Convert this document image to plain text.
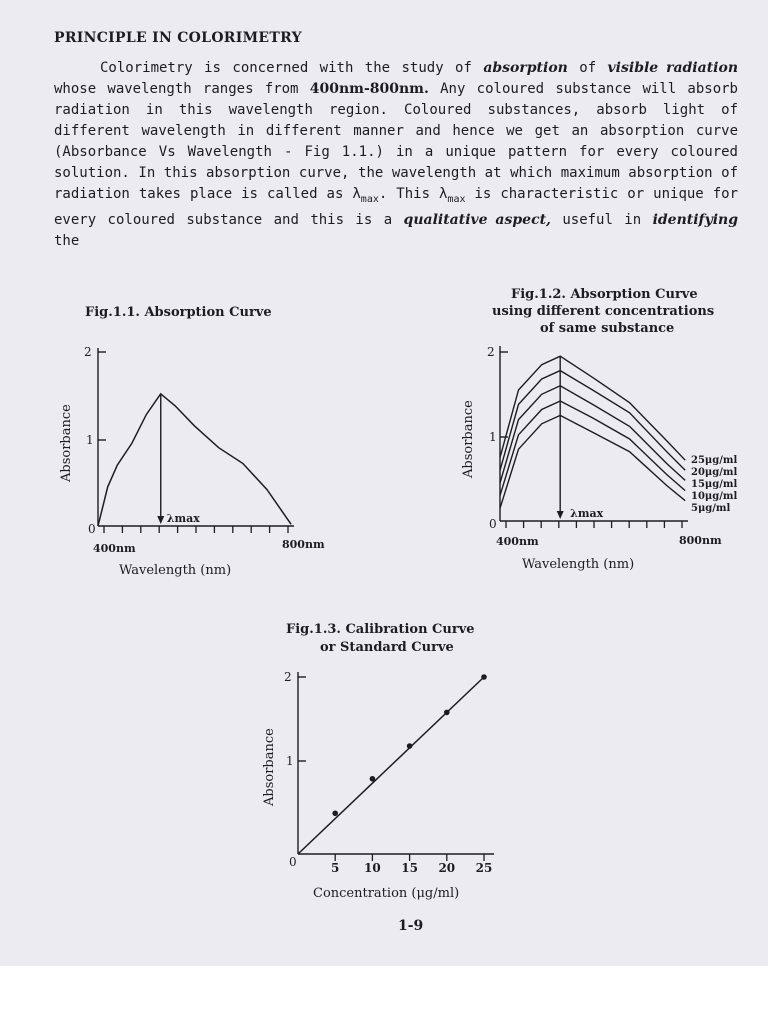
PRINCIPLE IN COLORIMETRY

Colorimetry is concerned with the study of absorption of visible radiation whose wavelength ranges from 400nm-800nm. Any coloured substance will absorb radiation in this wavelength region. Coloured substances, absorb light of different wavelength in different manner and hence we get an absorption curve (Absorbance Vs Wavelength - Fig 1.1.) in a unique pattern for every coloured solution. In this absorption curve, the wavelength at which maximum absorption of radiation takes place is called as $\lambda_{max}$. This $\lambda_{max}$ is characteristic or unique for every coloured substance and this is a qualitative aspect, useful in identifying the

Fig.1.1. Absorption Curve
2
1
0
Absorbance
λmax
400nm	800nm
Wavelength (nm)
Fig.1.2. Absorption Curve
using different concentrations
of same substance
2
1
0
Absorbance
λmax
25μg/ml
20μg/ml
15μg/ml
10μg/ml
5μg/ml
400nm	800nm
Wavelength (nm)
Fig.1.3. Calibration Curve
or Standard Curve
2
1
0
Absorbance
5 10 15 20 25
Concentration (μg/ml)
1-9
